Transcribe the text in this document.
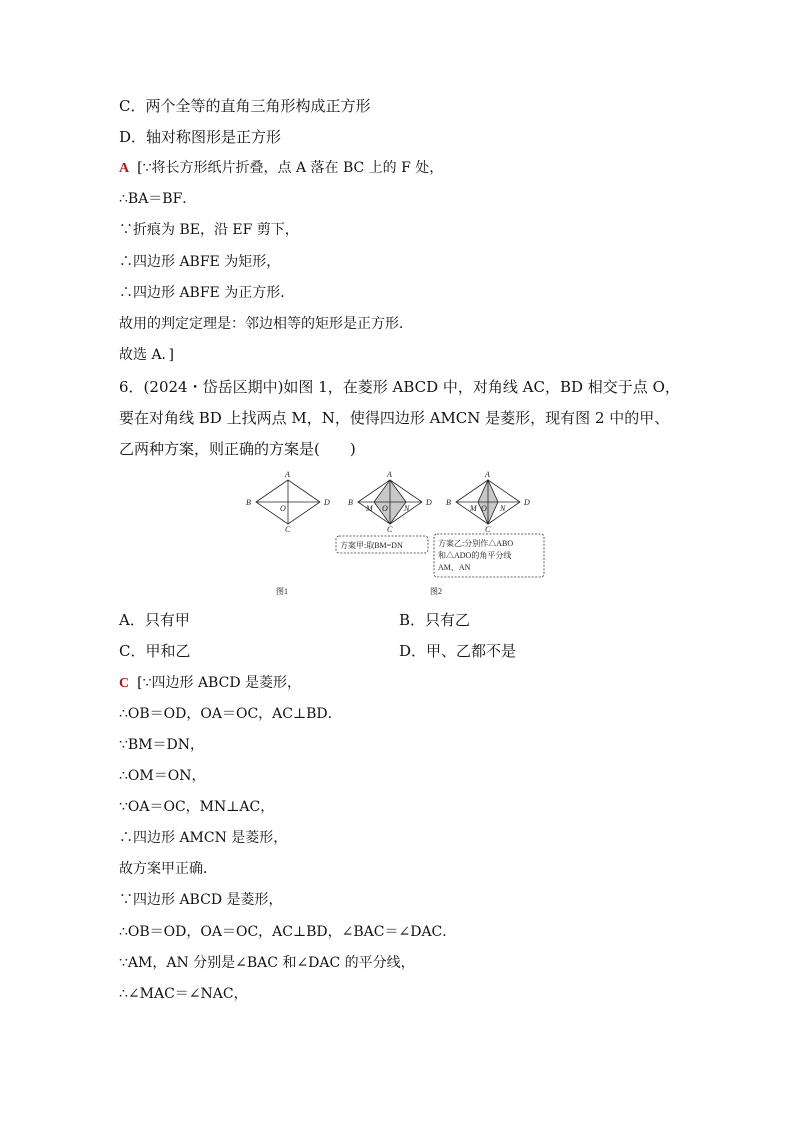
C．两个全等的直角三角形构成正方形
D．轴对称图形是正方形
A [∵将长方形纸片折叠，点 A 落在 BC 上的 F 处，
∴BA＝BF．
∵折痕为 BE，沿 EF 剪下，
∴四边形 ABFE 为矩形，
∴四边形 ABFE 为正方形．
故用的判定定理是：邻边相等的矩形是正方形．
故选 A．]
6．(2024・岱岳区期中)如图 1，在菱形 ABCD 中，对角线 AC，BD 相交于点 O，
要在对角线 BD 上找两点 M，N，使得四边形 AMCN 是菱形，现有图 2 中的甲、
乙两种方案，则正确的方案是(　　)
A
B	D
C
O
A
B	D
C
M O N
A
B	D
C
M O N
方案甲:取BM=DN	方案乙:分别作△ABO
和△ADO的角平分线
AM、AN
图1	图2
A．只有甲	B．只有乙
C．甲和乙	D．甲、乙都不是
C [∵四边形 ABCD 是菱形，
∴OB＝OD，OA＝OC，AC⊥BD．
∵BM＝DN，
∴OM＝ON，
∵OA＝OC，MN⊥AC，
∴四边形 AMCN 是菱形，
故方案甲正确．
∵四边形 ABCD 是菱形，
∴OB＝OD，OA＝OC，AC⊥BD，∠BAC＝∠DAC．
∵AM，AN 分别是∠BAC 和∠DAC 的平分线，
∴∠MAC＝∠NAC，
